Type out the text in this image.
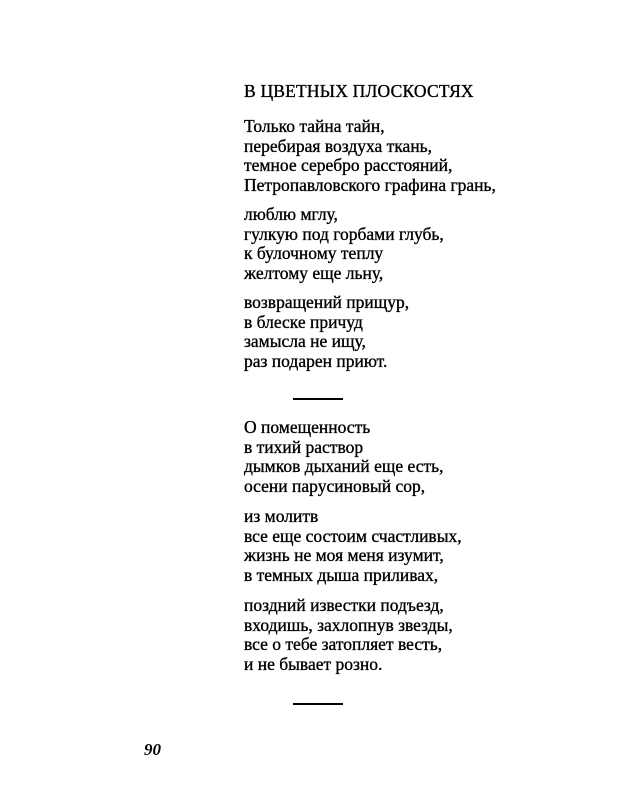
В ЦВЕТНЫХ ПЛОСКОСТЯХ
Только тайна тайн,
перебирая воздуха ткань,
темное серебро расстояний,
Петропавловского графина грань,
люблю мглу,
гулкую под горбами глубь,
к булочному теплу
желтому еще льну,
возвращений прищур,
в блеске причуд
замысла не ищу,
раз подарен приют.
О помещенность
в тихий раствор
дымков дыханий еще есть,
осени парусиновый сор,
из молитв
все еще состоим счастливых,
жизнь не моя меня изумит,
в темных дыша приливах,
поздний известки подъезд,
входишь, захлопнув звезды,
все о тебе затопляет весть,
и не бывает розно.
90
